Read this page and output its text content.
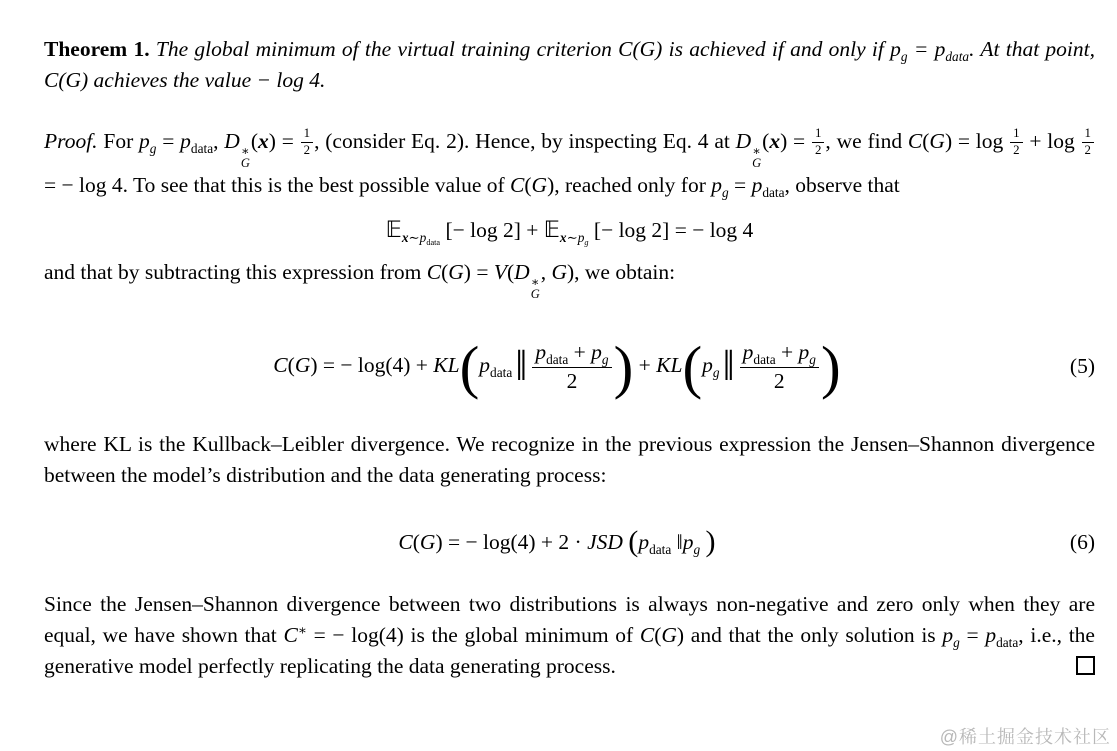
Theorem 1. The global minimum of the virtual training criterion C(G) is achieved if and only if $p_g = p_{data}$. At that point, C(G) achieves the value − log 4.

Proof. For $p_g = p_{data}$, D ∗
G
$(x) = \frac{1}{2}$ , (consider Eq. 2). Hence, by inspecting Eq. 4 at D ∗
G
$(x) = \frac{1}{2}$ , we find $C(G) = \log \frac{1}{2} + \log \frac{1}{2}$
= − log 4. To see that this is the best possible value of C(G), reached only for $p_g = p_{data}$, observe that

𝔼$_{x\sim p_{data}}$ [− log 2] + 𝔼$_{x\sim p_g}$ [− log 2] = − log 4

and that by subtracting this expression from C(G) = V(D ∗
G
, G), we obtain:

C(G) = − $\log(4) + KL(p_{data}‖ \frac{p_{data} + p_g}{2}$ ) + $KL(p_g‖ \frac{p_{data} + p_g}{2}$ )	(5)

where KL is the Kullback–Leibler divergence. We recognize in the previous expression the Jensen–Shannon divergence between the model’s distribution and the data generating process:

C(G) = − log(4) + 2 · JSD ($p_{data}$ $‖p_g$ )	(6)

Since the Jensen–Shannon divergence between two distributions is always non-negative and zero only when they are equal, we have shown that C∗ = − log(4) is the global minimum of C(G) and that the only solution is $p_g = p_{data}$, i.e., the generative model perfectly replicating the data generating process.

@稀土掘金技术社区
